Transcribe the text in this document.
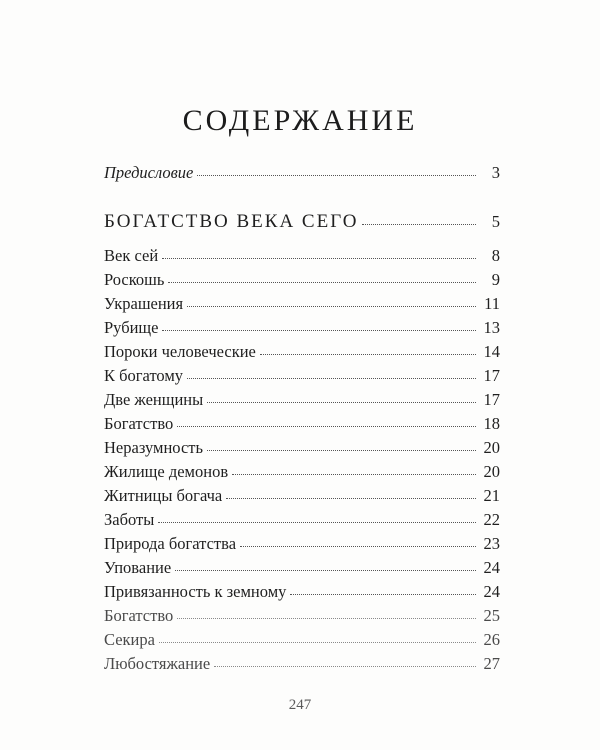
СОДЕРЖАНИЕ
Предисловие	3
БОГАТСТВО ВЕКА СЕГО	5
Век сей	8
Роскошь	9
Украшения	11
Рубище	13
Пороки человеческие	14
К богатому	17
Две женщины	17
Богатство	18
Неразумность	20
Жилище демонов	20
Житницы богача	21
Заботы	22
Природа богатства	23
Упование	24
Привязанность к земному	24
Богатство	25
Секира	26
Любостяжание	27
247
